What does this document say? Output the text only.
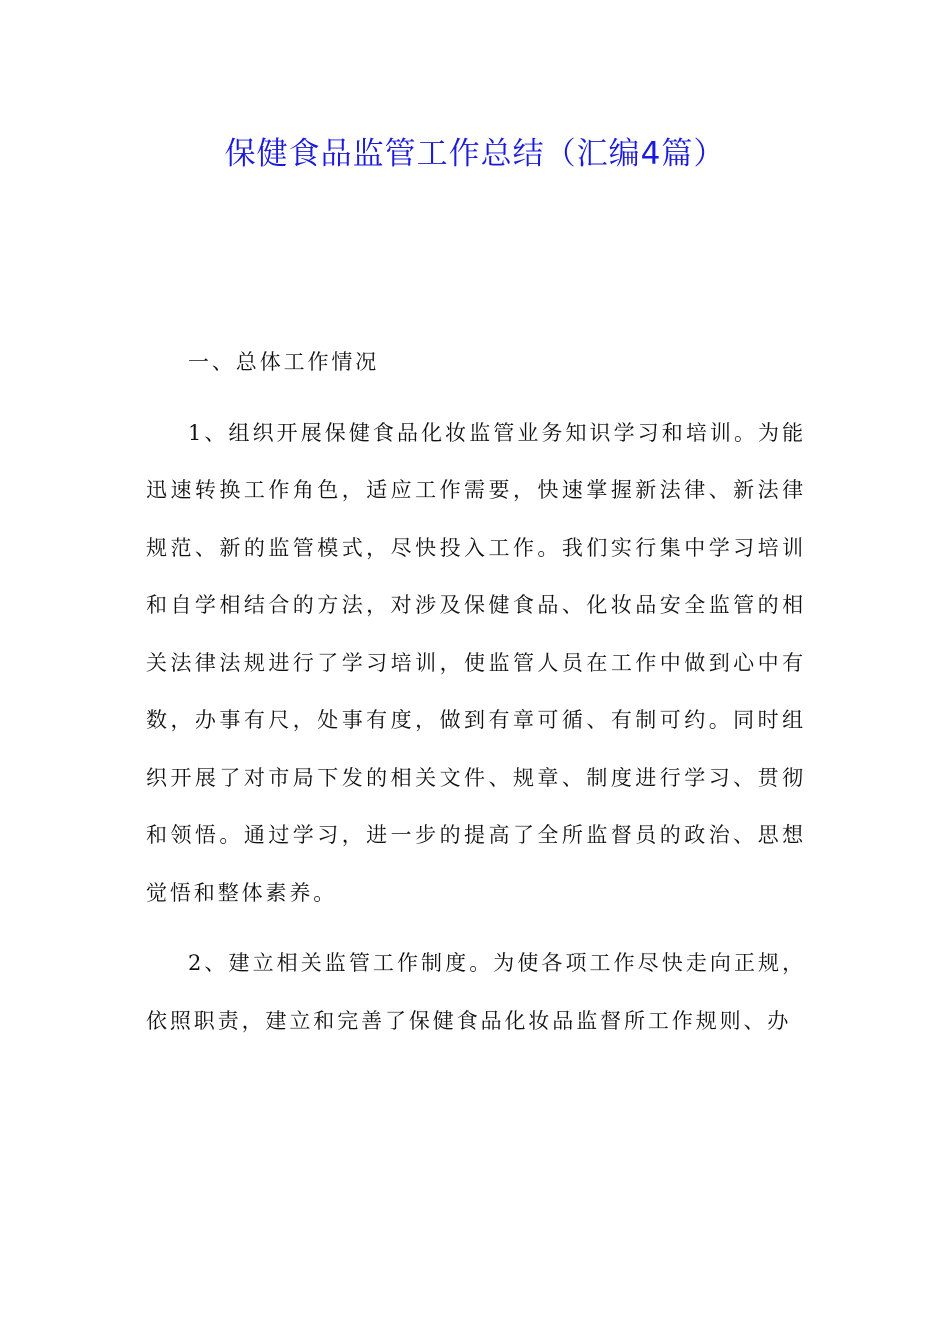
保健食品监管工作总结（汇编4篇）

一、总体工作情况

1、组织开展保健食品化妆监管业务知识学习和培训。为能迅速转换工作角色，适应工作需要，快速掌握新法律、新法律规范、新的监管模式，尽快投入工作。我们实行集中学习培训和自学相结合的方法，对涉及保健食品、化妆品安全监管的相关法律法规进行了学习培训，使监管人员在工作中做到心中有数，办事有尺，处事有度，做到有章可循、有制可约。同时组织开展了对市局下发的相关文件、规章、制度进行学习、贯彻和领悟。通过学习，进一步的提高了全所监督员的政治、思想觉悟和整体素养。

2、建立相关监管工作制度。为使各项工作尽快走向正规，依照职责，建立和完善了保健食品化妆品监督所工作规则、办
